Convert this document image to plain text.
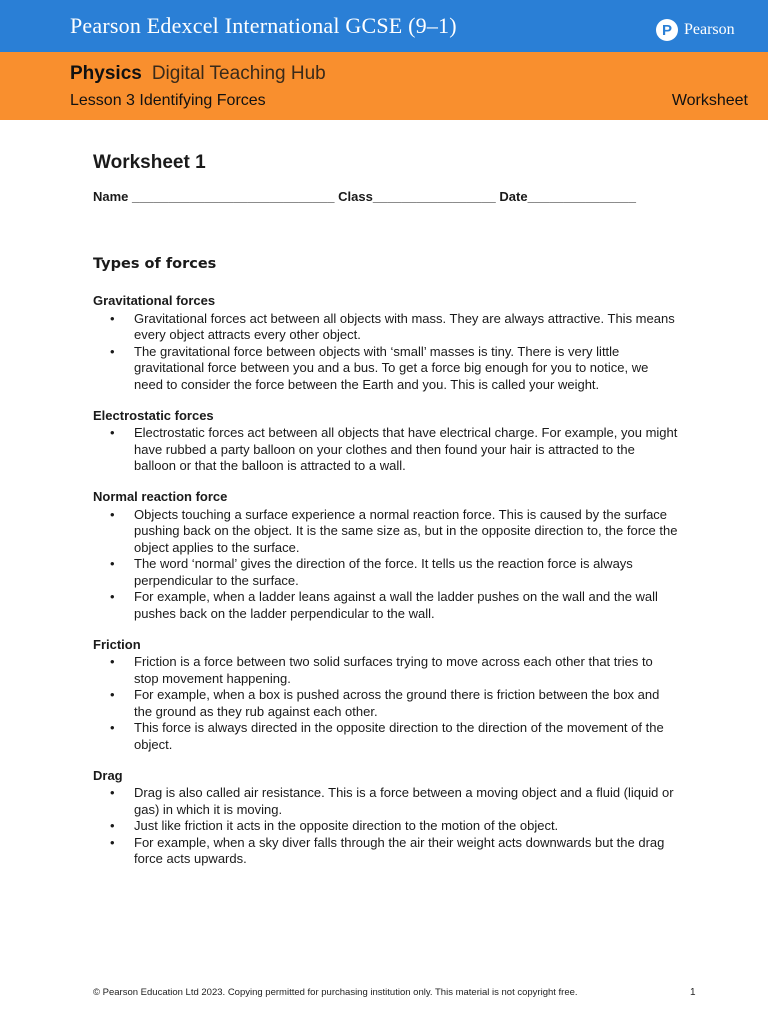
Pearson Edexcel International GCSE (9–1)	P Pearson
Physics Digital Teaching Hub
Lesson 3 Identifying Forces	Worksheet
Worksheet 1
Name ____________________________ Class_________________ Date_______________
Types of forces
Gravitational forces
• Gravitational forces act between all objects with mass. They are always attractive. This means every object attracts every other object.
• The gravitational force between objects with ‘small’ masses is tiny. There is very little gravitational force between you and a bus. To get a force big enough for you to notice, we need to consider the force between the Earth and you. This is called your weight.
Electrostatic forces
• Electrostatic forces act between all objects that have electrical charge. For example, you might have rubbed a party balloon on your clothes and then found your hair is attracted to the balloon or that the balloon is attracted to a wall.
Normal reaction force
• Objects touching a surface experience a normal reaction force. This is caused by the surface pushing back on the object. It is the same size as, but in the opposite direction to, the force the object applies to the surface.
• The word ‘normal’ gives the direction of the force. It tells us the reaction force is always perpendicular to the surface.
• For example, when a ladder leans against a wall the ladder pushes on the wall and the wall pushes back on the ladder perpendicular to the wall.
Friction
• Friction is a force between two solid surfaces trying to move across each other that tries to stop movement happening.
• For example, when a box is pushed across the ground there is friction between the box and the ground as they rub against each other.
• This force is always directed in the opposite direction to the direction of the movement of the object.
Drag
• Drag is also called air resistance. This is a force between a moving object and a fluid (liquid or gas) in which it is moving.
• Just like friction it acts in the opposite direction to the motion of the object.
• For example, when a sky diver falls through the air their weight acts downwards but the drag force acts upwards.
© Pearson Education Ltd 2023. Copying permitted for purchasing institution only. This material is not copyright free.	1
